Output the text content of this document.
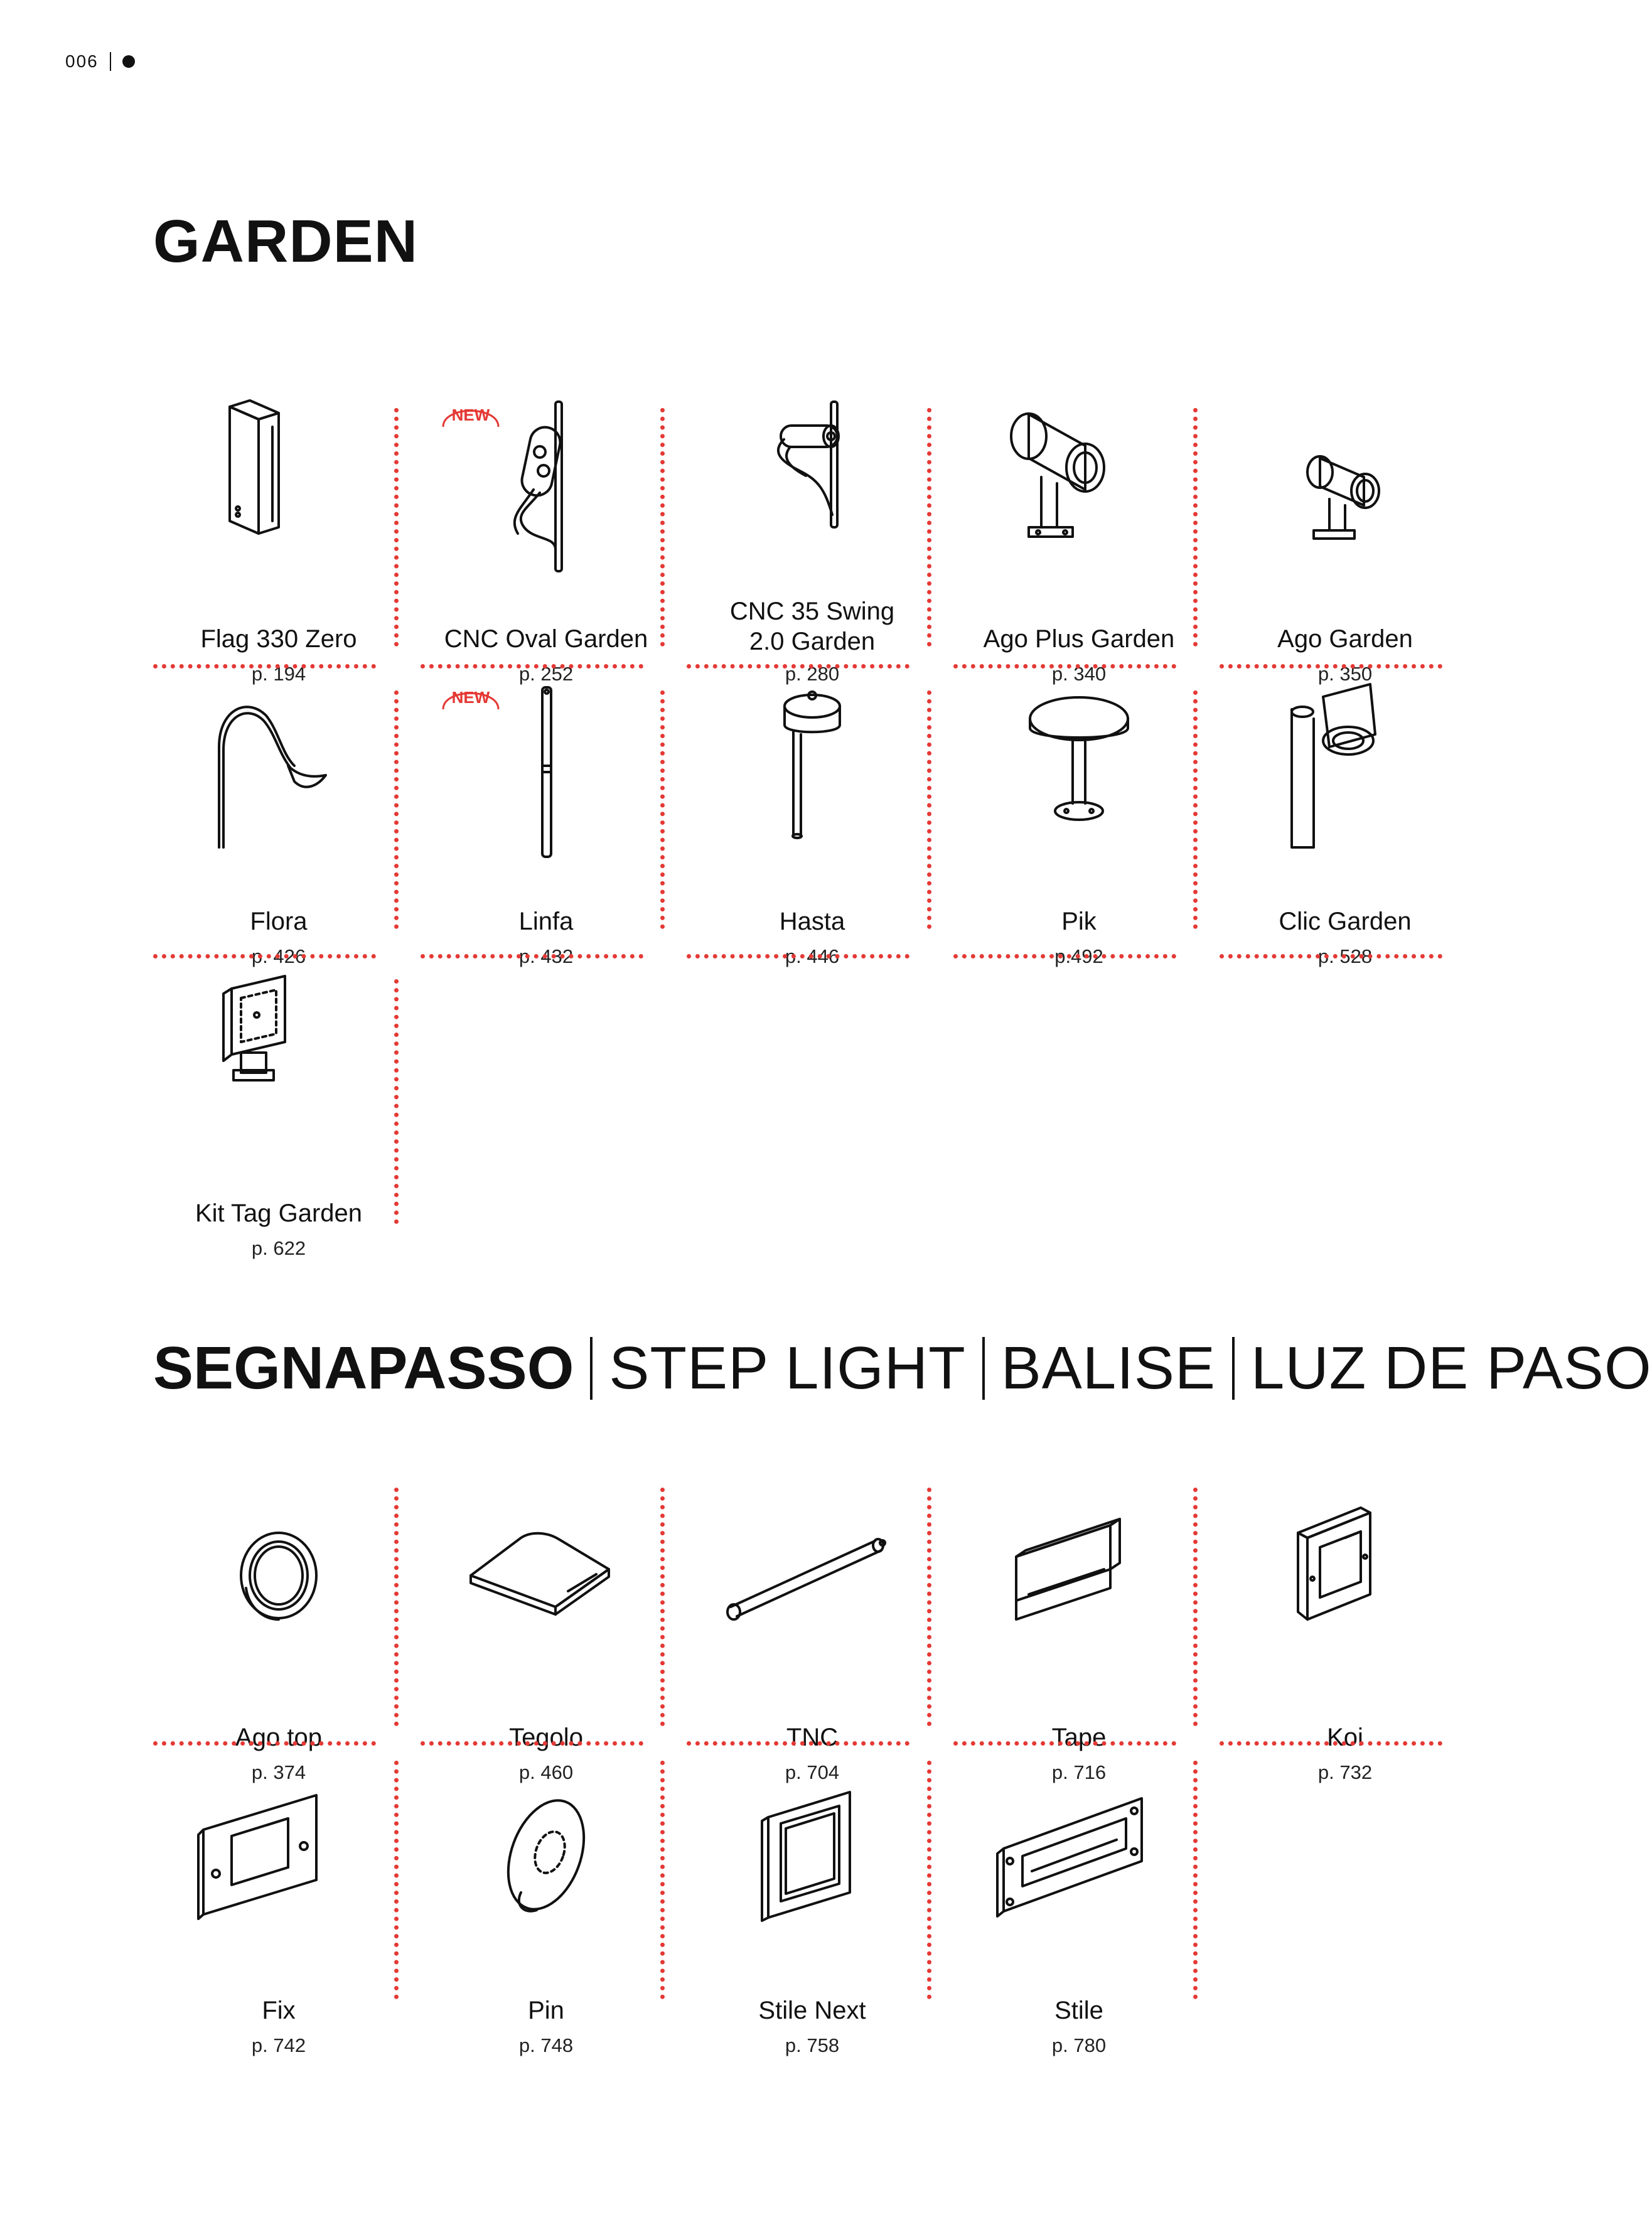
006
GARDEN
SEGNAPASSO STEP LIGHT BALISE LUZ DE PASO
Flag 330 Zero
p. 194
NEW
CNC Oval Garden
p. 252
CNC 35 Swing 2.0 Garden
p. 280
Ago Plus Garden
p. 340
Ago Garden
p. 350
Flora
p. 426
NEW
Linfa
p. 432
Hasta
p. 446
Pik
p.492
Clic Garden
p. 528
Kit Tag Garden
p. 622
Ago top
p. 374
Tegolo
p. 460
TNC
p. 704
Tape
p. 716
Koi
p. 732
Fix
p. 742
Pin
p. 748
Stile Next
p. 758
Stile
p. 780
